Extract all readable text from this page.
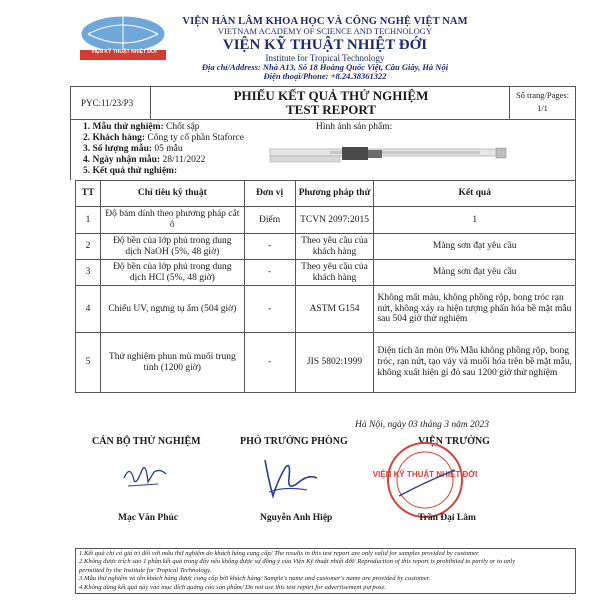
VIỆN KỸ THUẬT NHIỆT ĐỚI
VIỆN HÀN LÂM KHOA HỌC VÀ CÔNG NGHỆ VIỆT NAM
VIETNAM ACADEMY OF SCIENCE AND TECHNOLOGY
VIỆN KỸ THUẬT NHIỆT ĐỚI
Institute for Tropical Technology
Địa chỉ/Address: Nhà A13, Số 18 Hoàng Quốc Việt, Cầu Giấy, Hà Nội
Điện thoại/Phone: +8.24.38361322
PYC:11/23/P3	PHIẾU KẾT QUẢ THỬ NGHIỆM
TEST REPORT
Số trang/Pages:
1/1
1. Mẫu thử nghiệm: Chốt sập
2. Khách hàng: Công ty cổ phần Staforce
3. Số lượng mẫu: 05 mẫu
4. Ngày nhận mẫu: 28/11/2022
5. Kết quả thử nghiệm:
Hình ảnh sản phẩm:
TT	Chỉ tiêu kỹ thuật	Đơn vị	Phương pháp thử	Kết quả
1	Độ bám dính theo phương pháp cắt ô	Điểm	TCVN 2097:2015	1
2	Độ bền của lớp phủ trong dung dịch NaOH (5%, 48 giờ)	-	Theo yêu cầu của khách hàng	Màng sơn đạt yêu cầu
3	Độ bền của lớp phủ trong dung dịch HCl (5%, 48 giờ)	-	Theo yêu cầu của khách hàng	Màng sơn đạt yêu cầu
4	Chiếu UV, ngưng tụ ẩm (504 giờ)	-	ASTM G154	Không mất màu, không phồng rộp, bong tróc rạn nứt, không xảy ra hiện tượng phấn hóa bề mặt mẫu sau 504 giờ thử nghiệm
5	Thử nghiệm phun mù muối trung tính (1200 giờ)	-	JIS 5802:1999	Diện tích ăn mòn 0% Mẫu không phồng rộp, bong tróc, rạn nứt, tạo vảy và muối hóa trên bề mặt mẫu, không xuất hiện gỉ đỏ sau 1200 giờ thử nghiệm
Hà Nội, ngày 03 tháng 3 năm 2023
CÁN BỘ THỬ NGHIỆM	PHÓ TRƯỞNG PHÒNG	VIỆN TRƯỞNG
VIỆN KỸ THUẬT NHIỆT ĐỚI
Mạc Văn Phúc	Nguyễn Anh Hiệp	Trần Đại Lâm
1.Kết quả chỉ có giá trị đối với mẫu thử nghiệm do khách hàng cung cấp/ The results in this test report are only valid for samples provided by customer.
2.Không được trích sao 1 phần kết quả trong đây nếu không được sự đồng ý của Viện Kỹ thuật nhiệt đới/ Reproduction of this report is prohibited to partly or to only
permitted by the Institute for Tropical Technology.
3.Mẫu thử nghiệm và tên khách hàng được cung cấp bởi khách hàng/ Sample's name and customer's name are provided by customer.
4.Không dùng kết quả này vào mục đích quảng cáo sản phẩm/ Do not use this test report for advertisement purpose.
